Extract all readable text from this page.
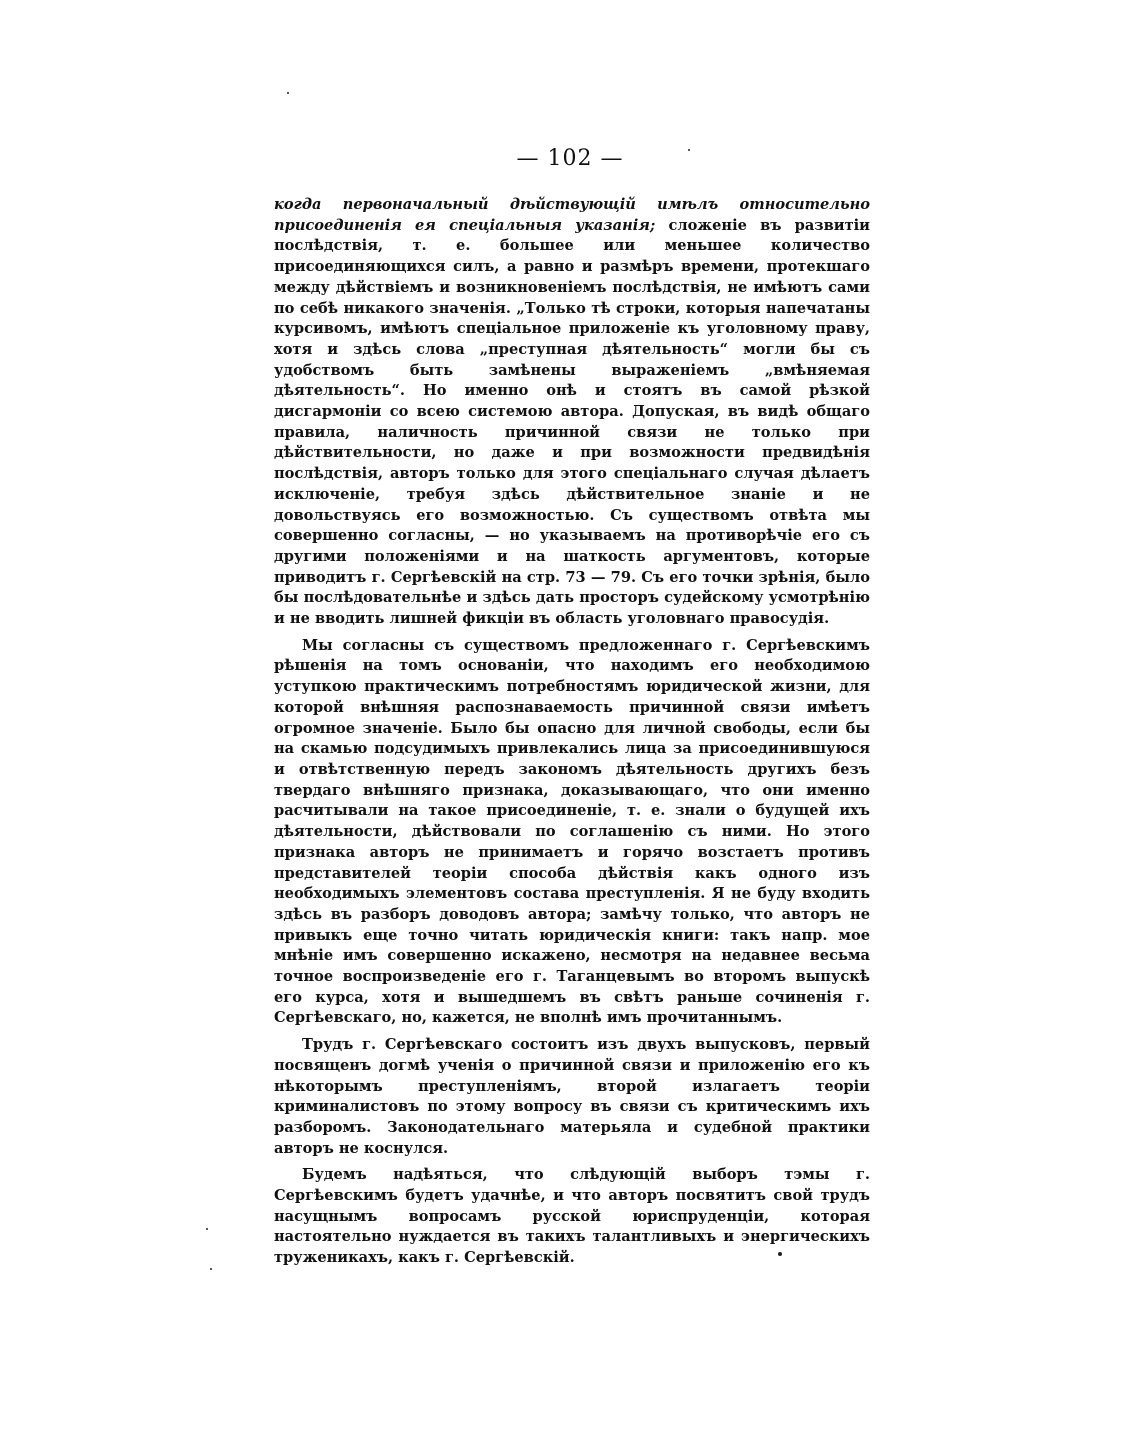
— 102 —

когда первоначальный дѣйствующій имѣлъ относительно присоединенія ея спеціальныя указанія; сложеніе въ развитіи послѣдствія, т. е. большее или меньшее количество присоединяющихся силъ, а равно и размѣръ времени, протекшаго между дѣйствіемъ и возникновеніемъ послѣдствія, не имѣютъ сами по себѣ никакого значенія. „Только тѣ строки, которыя напечатаны курсивомъ, имѣютъ спеціальное приложеніе къ уголовному праву, хотя и здѣсь слова „преступная дѣятельность“ могли бы съ удобствомъ быть замѣнены выраженіемъ „вмѣняемая дѣятельность“. Но именно онѣ и стоятъ въ самой рѣзкой дисгармоніи со всею системою автора. Допуская, въ видѣ общаго правила, наличность причинной связи не только при дѣйствительности, но даже и при возможности предвидѣнія послѣдствія, авторъ только для этого спеціальнаго случая дѣлаетъ исключеніе, требуя здѣсь дѣйствительное знаніе и не довольствуясь его возможностью. Съ существомъ отвѣта мы совершенно согласны, — но указываемъ на противорѣчіе его съ другими положеніями и на шаткость аргументовъ, которые приводитъ г. Сергѣевскій на стр. 73 — 79. Съ его точки зрѣнія, было бы послѣдовательнѣе и здѣсь дать просторъ судейскому усмотрѣнію и не вводить лишней фикціи въ область уголовнаго правосудія.

Мы согласны съ существомъ предложеннаго г. Сергѣевскимъ рѣшенія на томъ основаніи, что находимъ его необходимою уступкою практическимъ потребностямъ юридической жизни, для которой внѣшняя распознаваемость причинной связи имѣетъ огромное значеніе. Было бы опасно для личной свободы, если бы на скамью подсудимыхъ привлекались лица за присоединившуюся и отвѣтственную передъ закономъ дѣятельность другихъ безъ твердаго внѣшняго признака, доказывающаго, что они именно расчитывали на такое присоединеніе, т. е. знали о будущей ихъ дѣятельности, дѣйствовали по соглашенію съ ними. Но этого признака авторъ не принимаетъ и горячо возстаетъ противъ представителей теоріи способа дѣйствія какъ одного изъ необходимыхъ элементовъ состава преступленія. Я не буду входить здѣсь въ разборъ доводовъ автора; замѣчу только, что авторъ не привыкъ еще точно читать юридическія книги: такъ напр. мое мнѣніе имъ совершенно искажено, несмотря на недавнее весьма точное воспроизведеніе его г. Таганцевымъ во второмъ выпускѣ его курса, хотя и вышедшемъ въ свѣтъ раньше сочиненія г. Сергѣевскаго, но, кажется, не вполнѣ имъ прочитаннымъ.

Трудъ г. Сергѣевскаго состоитъ изъ двухъ выпусковъ, первый посвященъ догмѣ ученія о причинной связи и приложенію его къ нѣкоторымъ преступленіямъ, второй излагаетъ теоріи криминалистовъ по этому вопросу въ связи съ критическимъ ихъ разборомъ. Законодательнаго матерьяла и судебной практики авторъ не коснулся.

Будемъ надѣяться, что слѣдующій выборъ тэмы г. Сергѣевскимъ будетъ удачнѣе, и что авторъ посвятитъ свой трудъ насущнымъ вопросамъ русской юриспруденціи, которая настоятельно нуждается въ такихъ талантливыхъ и энергическихъ труженикахъ, какъ г. Сергѣевскій.
